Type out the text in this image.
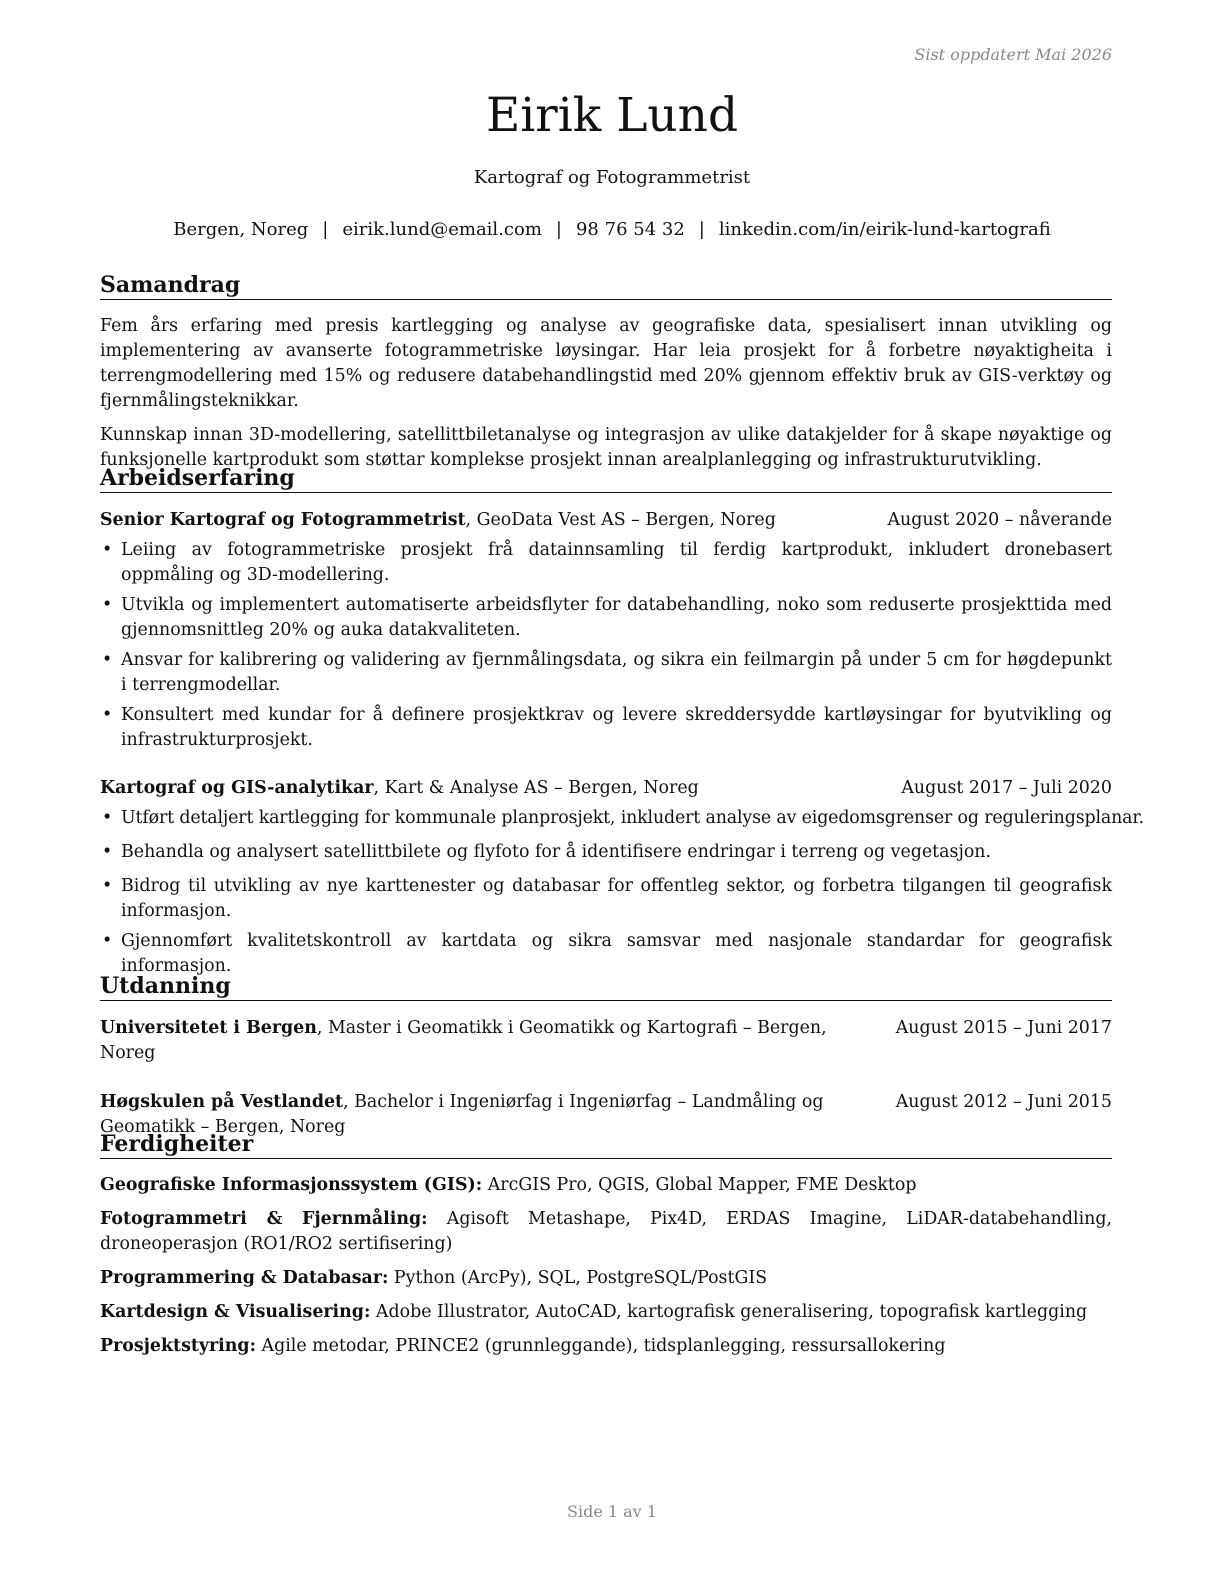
Sist oppdatert Mai 2026
Eirik Lund
Kartograf og Fotogrammetrist
Bergen, Noreg | eirik.lund@email.com | 98 76 54 32 | linkedin.com/in/eirik-lund-kartografi
Samandrag

Fem års erfaring med presis kartlegging og analyse av geografiske data, spesialisert innan utvikling og implementering av avanserte fotogrammetriske løysingar. Har leia prosjekt for å forbetre nøyaktigheita i terrengmodellering med 15% og redusere databehandlingstid med 20% gjennom effektiv bruk av GIS-verktøy og fjernmålingsteknikkar.

Kunnskap innan 3D-modellering, satellittbiletanalyse og integrasjon av ulike datakjelder for å skape nøyaktige og funksjonelle kartprodukt som støttar komplekse prosjekt innan arealplanlegging og infrastrukturutvikling.

Arbeidserfaring
Senior Kartograf og Fotogrammetrist, GeoData Vest AS – Bergen, Noreg	August 2020 – nåverande
• Leiing av fotogrammetriske prosjekt frå datainnsamling til ferdig kartprodukt, inkludert dronebasert oppmåling og 3D-modellering.
• Utvikla og implementert automatiserte arbeidsflyter for databehandling, noko som reduserte prosjekttida med gjennomsnittleg 20% og auka datakvaliteten.
• Ansvar for kalibrering og validering av fjernmålingsdata, og sikra ein feilmargin på under 5 cm for høgdepunkt i terrengmodellar.
• Konsultert med kundar for å definere prosjektkrav og levere skreddersydde kartløysingar for byutvikling og infrastrukturprosjekt.
Kartograf og GIS-analytikar, Kart & Analyse AS – Bergen, Noreg	August 2017 – Juli 2020
• Utført detaljert kartlegging for kommunale planprosjekt, inkludert analyse av eigedomsgrenser og reguleringsplanar.
• Behandla og analysert satellittbilete og flyfoto for å identifisere endringar i terreng og vegetasjon.
• Bidrog til utvikling av nye karttenester og databasar for offentleg sektor, og forbetra tilgangen til geografisk informasjon.
• Gjennomført kvalitetskontroll av kartdata og sikra samsvar med nasjonale standardar for geografisk informasjon.
Utdanning
Universitetet i Bergen, Master i Geomatikk i Geomatikk og Kartografi – Bergen, Noreg
August 2015 – Juni 2017
Høgskulen på Vestlandet, Bachelor i Ingeniørfag i Ingeniørfag – Landmåling og Geomatikk – Bergen, Noreg
August 2012 – Juni 2015
Ferdigheiter
Geografiske Informasjonssystem (GIS): ArcGIS Pro, QGIS, Global Mapper, FME Desktop
Fotogrammetri & Fjernmåling: Agisoft Metashape, Pix4D, ERDAS Imagine, LiDAR-databehandling, droneoperasjon (RO1/RO2 sertifisering)
Programmering & Databasar: Python (ArcPy), SQL, PostgreSQL/PostGIS
Kartdesign & Visualisering: Adobe Illustrator, AutoCAD, kartografisk generalisering, topografisk kartlegging
Prosjektstyring: Agile metodar, PRINCE2 (grunnleggande), tidsplanlegging, ressursallokering
Side 1 av 1
